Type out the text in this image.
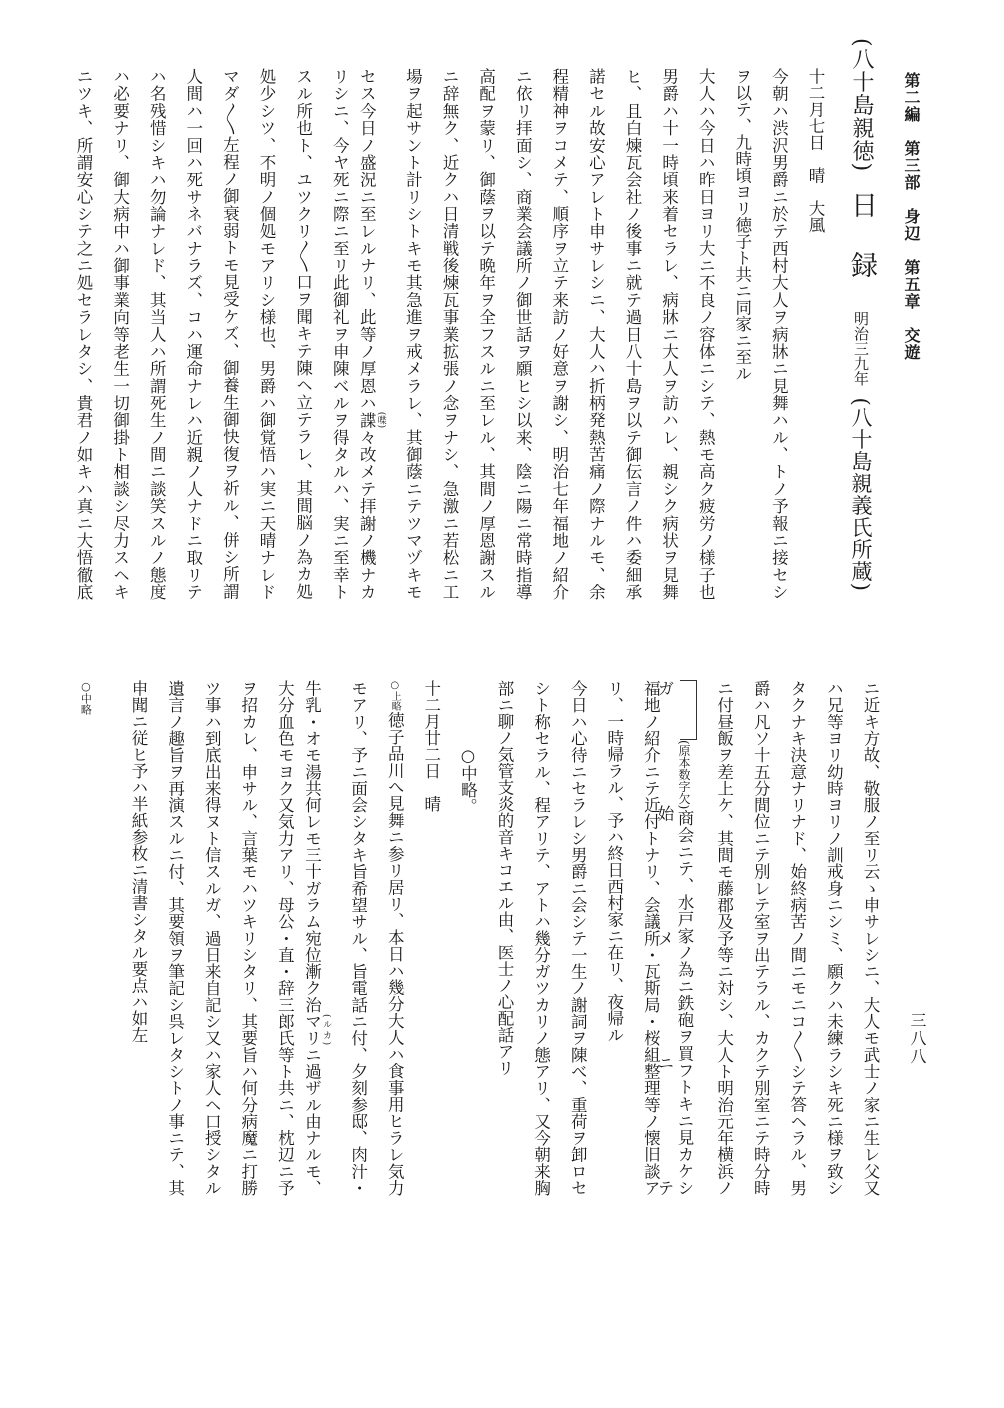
第二編　第三部　身辺　第五章　交遊
(八十島親徳) 日 録 明治三九年 (八十島親義氏所蔵)
十二月七日　晴　大風
今朝ハ渋沢男爵ニ於テ西村大人ヲ病牀ニ見舞ハル、トノ予報ニ接セシ
ヲ以テ、九時頃ヨリ徳子ト共ニ同家ニ至ル
大人ハ今日ハ昨日ヨリ大ニ不良ノ容体ニシテ、熱モ高ク疲労ノ様子也
男爵ハ十一時頃来着セラレ、病牀ニ大人ヲ訪ハレ、親シク病状ヲ見舞
ヒ、且白煉瓦会社ノ後事ニ就テ過日八十島ヲ以テ御伝言ノ件ハ委細承
諾セル故安心アレト申サレシニ、大人ハ折柄発熱苦痛ノ際ナルモ、余
程精神ヲコメテ、順序ヲ立テ来訪ノ好意ヲ謝シ、明治七年福地ノ紹介
ニ依リ拝面シ、商業会議所ノ御世話ヲ願ヒシ以来、陰ニ陽ニ常時指導
高配ヲ蒙リ、御蔭ヲ以テ晩年ヲ全フスルニ至レル、其間ノ厚恩謝スル
ニ辞無ク、近クハ日清戦後煉瓦事業拡張ノ念ヲナシ、急激ニ若松ニ工
場ヲ起サント計リシトキモ其急進ヲ戒メラレ、其御蔭ニテツマヅキモ
セス今日ノ盛況ニ至レルナリ、此等ノ厚恩ハ諜 (喋)々改メテ拝謝ノ機ナカ
リシニ、今ヤ死ニ際ニ至リ此御礼ヲ申陳ベルヲ得タルハ、実ニ至幸ト
スル所也ト、ユツクリ〳〵口ヲ聞キテ陳ヘ立テラレ、其間脳ノ為カ処
処少シツ、不明ノ個処モアリシ様也、男爵ハ御覚悟ハ実ニ天晴ナレド
マダ〳〵左程ノ御衰弱トモ見受ケズ、御養生御快復ヲ祈ル、併シ所謂
人間ハ一回ハ死サネバナラズ、コハ運命ナレハ近親ノ人ナドニ取リテ
ハ名残惜シキハ勿論ナレド、其当人ハ所謂死生ノ間ニ談笑スルノ態度
ハ必要ナリ、御大病中ハ御事業向等老生一切御掛ト相談シ尽力スヘキ
ニツキ、所謂安心シテ之ニ処セラレタシ、貴君ノ如キハ真ニ大悟徹底
ニ近キ方故、敬服ノ至リ云ゝ申サレシニ、大人モ武士ノ家ニ生レ父又
ハ兄等ヨリ幼時ヨリノ訓戒身ニシミ、願クハ未練ラシキ死ニ様ヲ致シ
タクナキ決意ナリナド、始終病苦ノ間ニモニコ〳〵シテ答ヘラル、男
爵ハ凡ソ十五分間位ニテ別レテ室ヲ出テラル、カクテ別室ニテ時分時
ニ付昼飯ヲ差上ケ、其間モ藤郡及予等ニ対シ、大人ト明治元年横浜ノ
(原本数字欠)商会ニテ、水戸家ノ為ニ鉄砲ヲ買フトキニ見カケシガ始メニテ
福地ノ紹介ニテ近付トナリ、会議所・瓦斯局・桜組整理等ノ懐旧談ア
リ、一時帰ラル、予ハ終日西村家ニ在リ、夜帰ル
今日ハ心待ニセラレシ男爵ニ会シテ一生ノ謝詞ヲ陳べ、重荷ヲ卸ロセ
シト称セラル、程アリテ、アトハ幾分ガツカリノ態アリ、又今朝来胸
部ニ聊ノ気管支炎的音キコエル由、医士ノ心配話アリ
○中略。
十二月廿二日　晴
○上略徳子品川へ見舞ニ参リ居リ、本日ハ幾分大人ハ食事用ヒラレ気力
モアリ、予ニ面会シタキ旨希望サル、旨電話ニ付、夕刻参邸、肉汁・
牛乳・オモ湯共何レモ三十ガラム宛位漸ク治マリ (ルカ)ニ過ザル由ナルモ、
大分血色モヨク又気力アリ、母公・直・辞三郎氏等ト共ニ、枕辺ニ予
ヲ招カレ、申サル、言葉モハツキリシタリ、其要旨ハ何分病魔ニ打勝
ツ事ハ到底出来得ヌト信スルガ、過日来自記シ又ハ家人ヘ口授シタル
遺言ノ趣旨ヲ再演スルニ付、其要領ヲ筆記シ呉レタシトノ事ニテ、其
申聞ニ従ヒ予ハ半紙参枚ニ清書シタル要点ハ如左
○中略
三八八
